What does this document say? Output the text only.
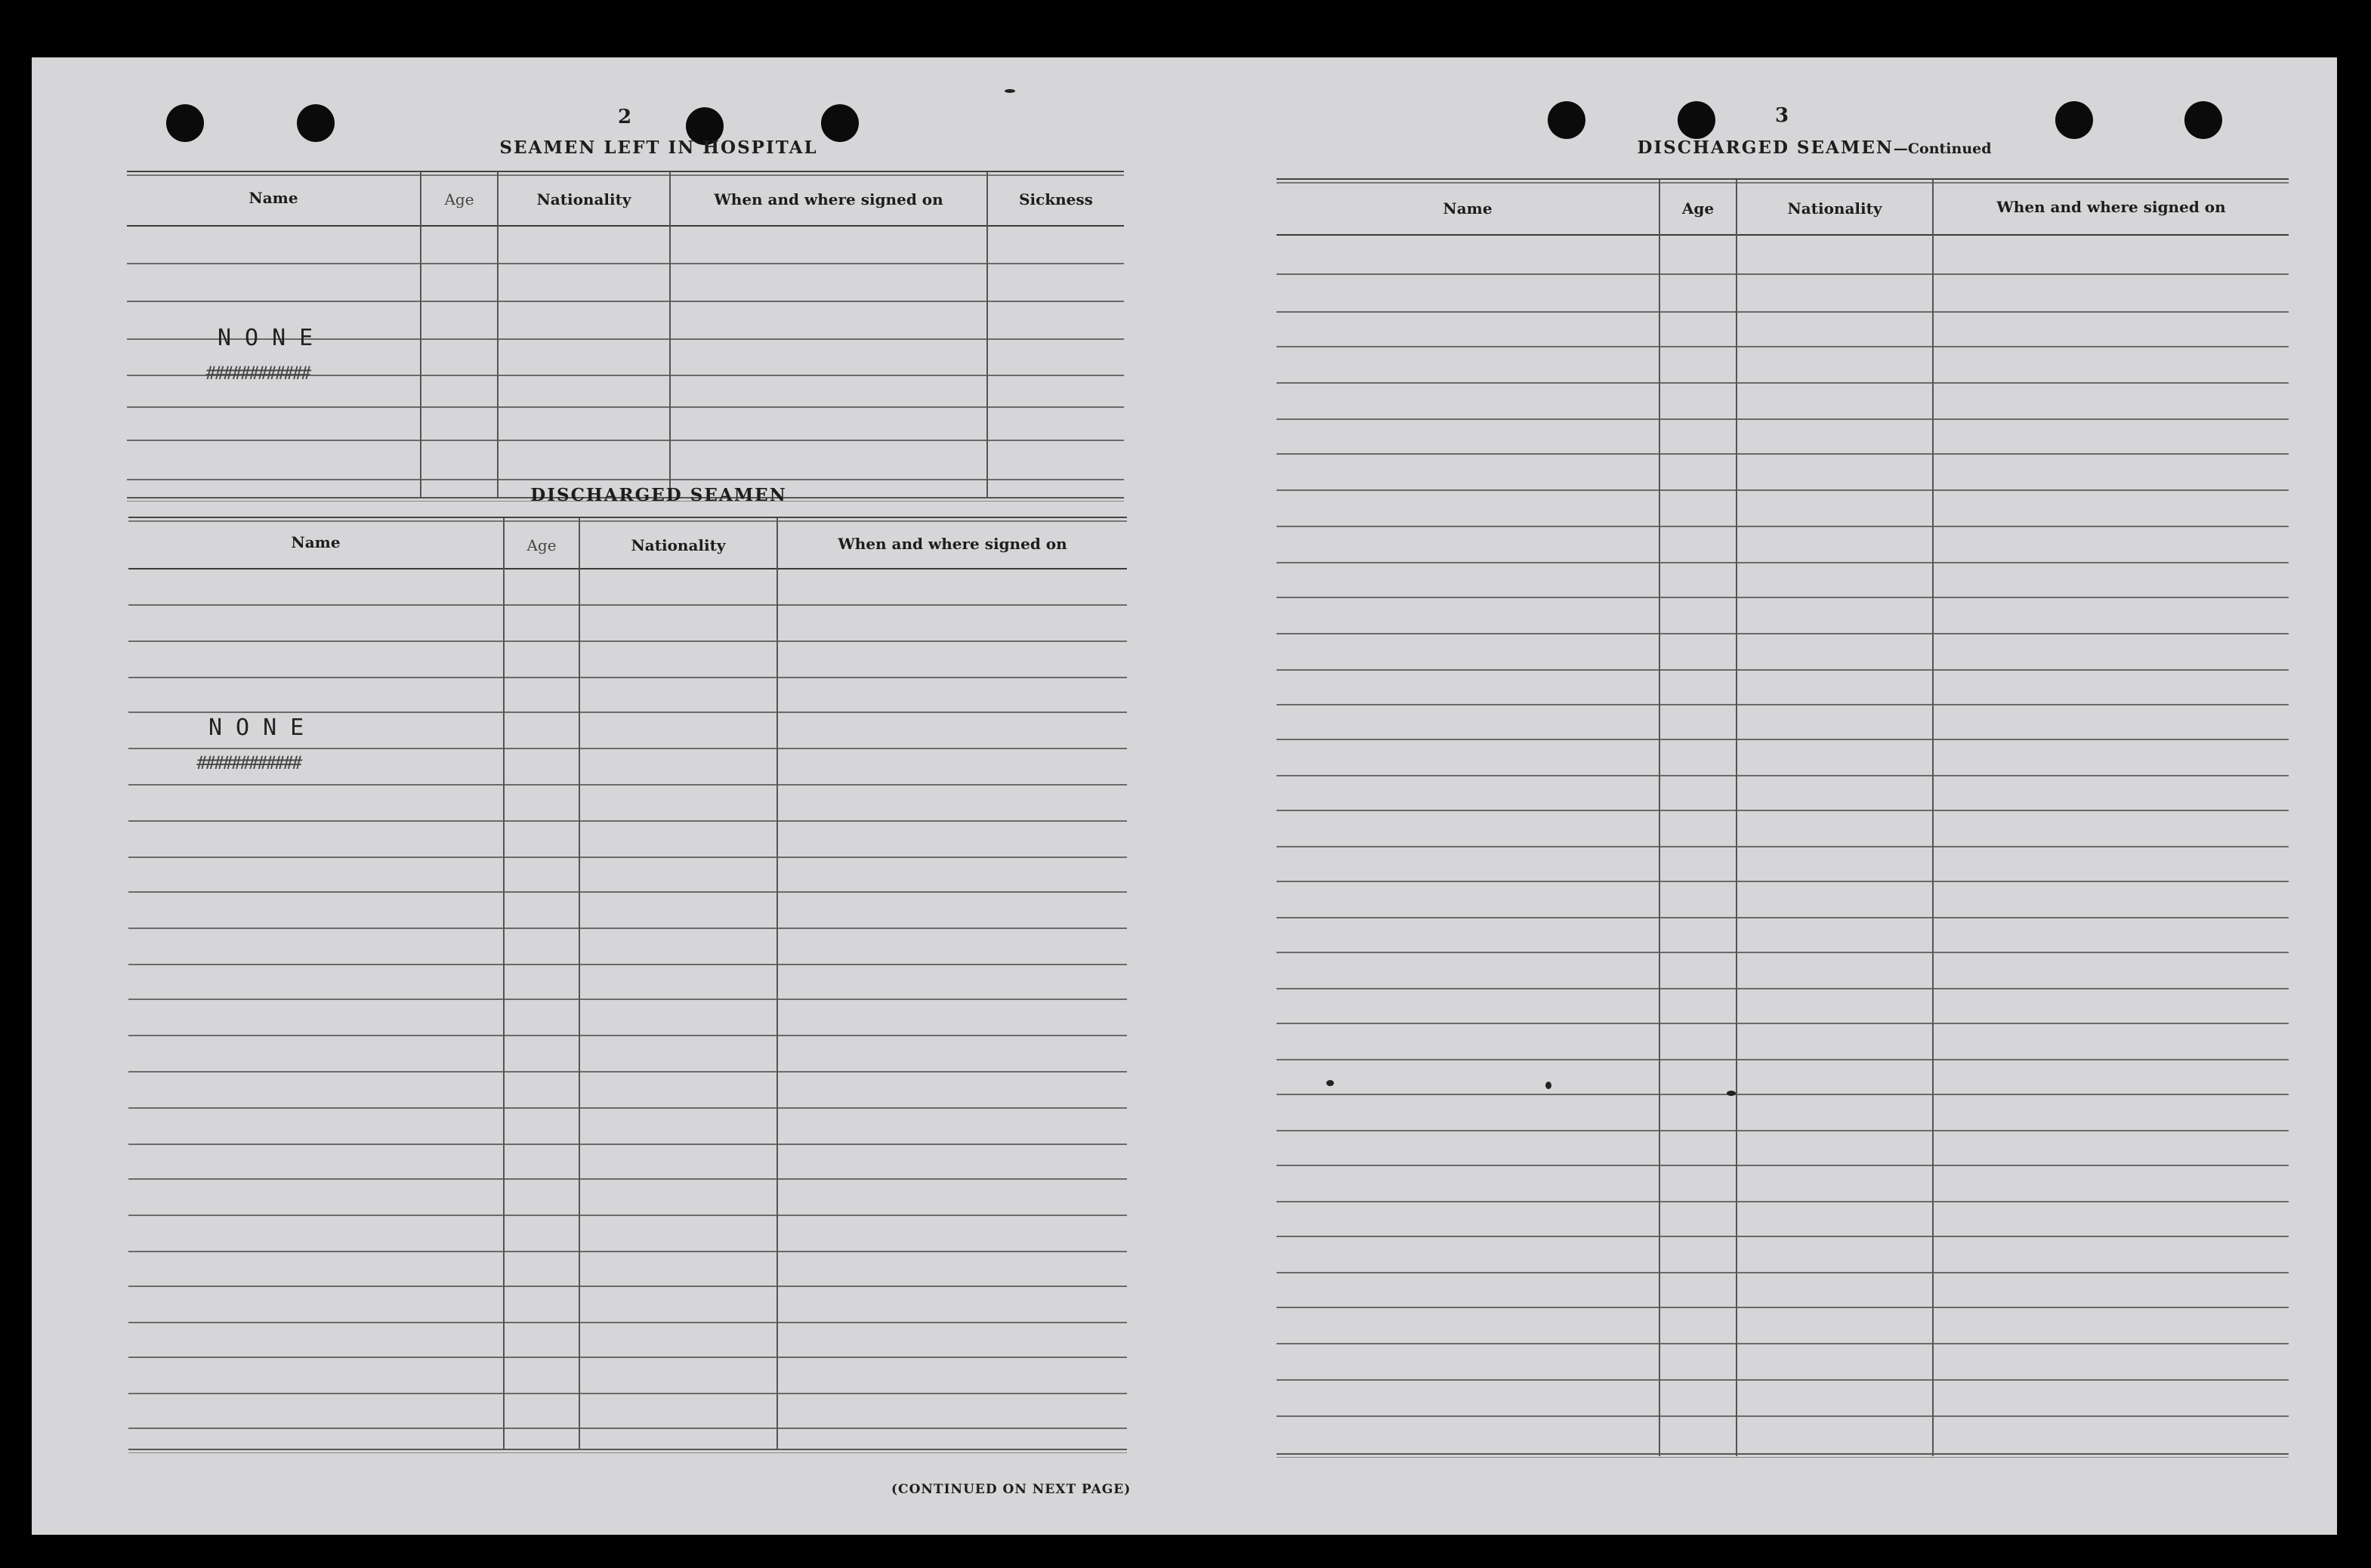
2
SEAMEN LEFT IN HOSPITAL
Name	Age	Nationality	When and where signed on	Sickness
NONE
############
DISCHARGED SEAMEN
Name	Age	Nationality	When and where signed on
NONE
############
(CONTINUED ON NEXT PAGE)
3
DISCHARGED SEAMEN—Continued
Name	Age	Nationality	When and where signed on
